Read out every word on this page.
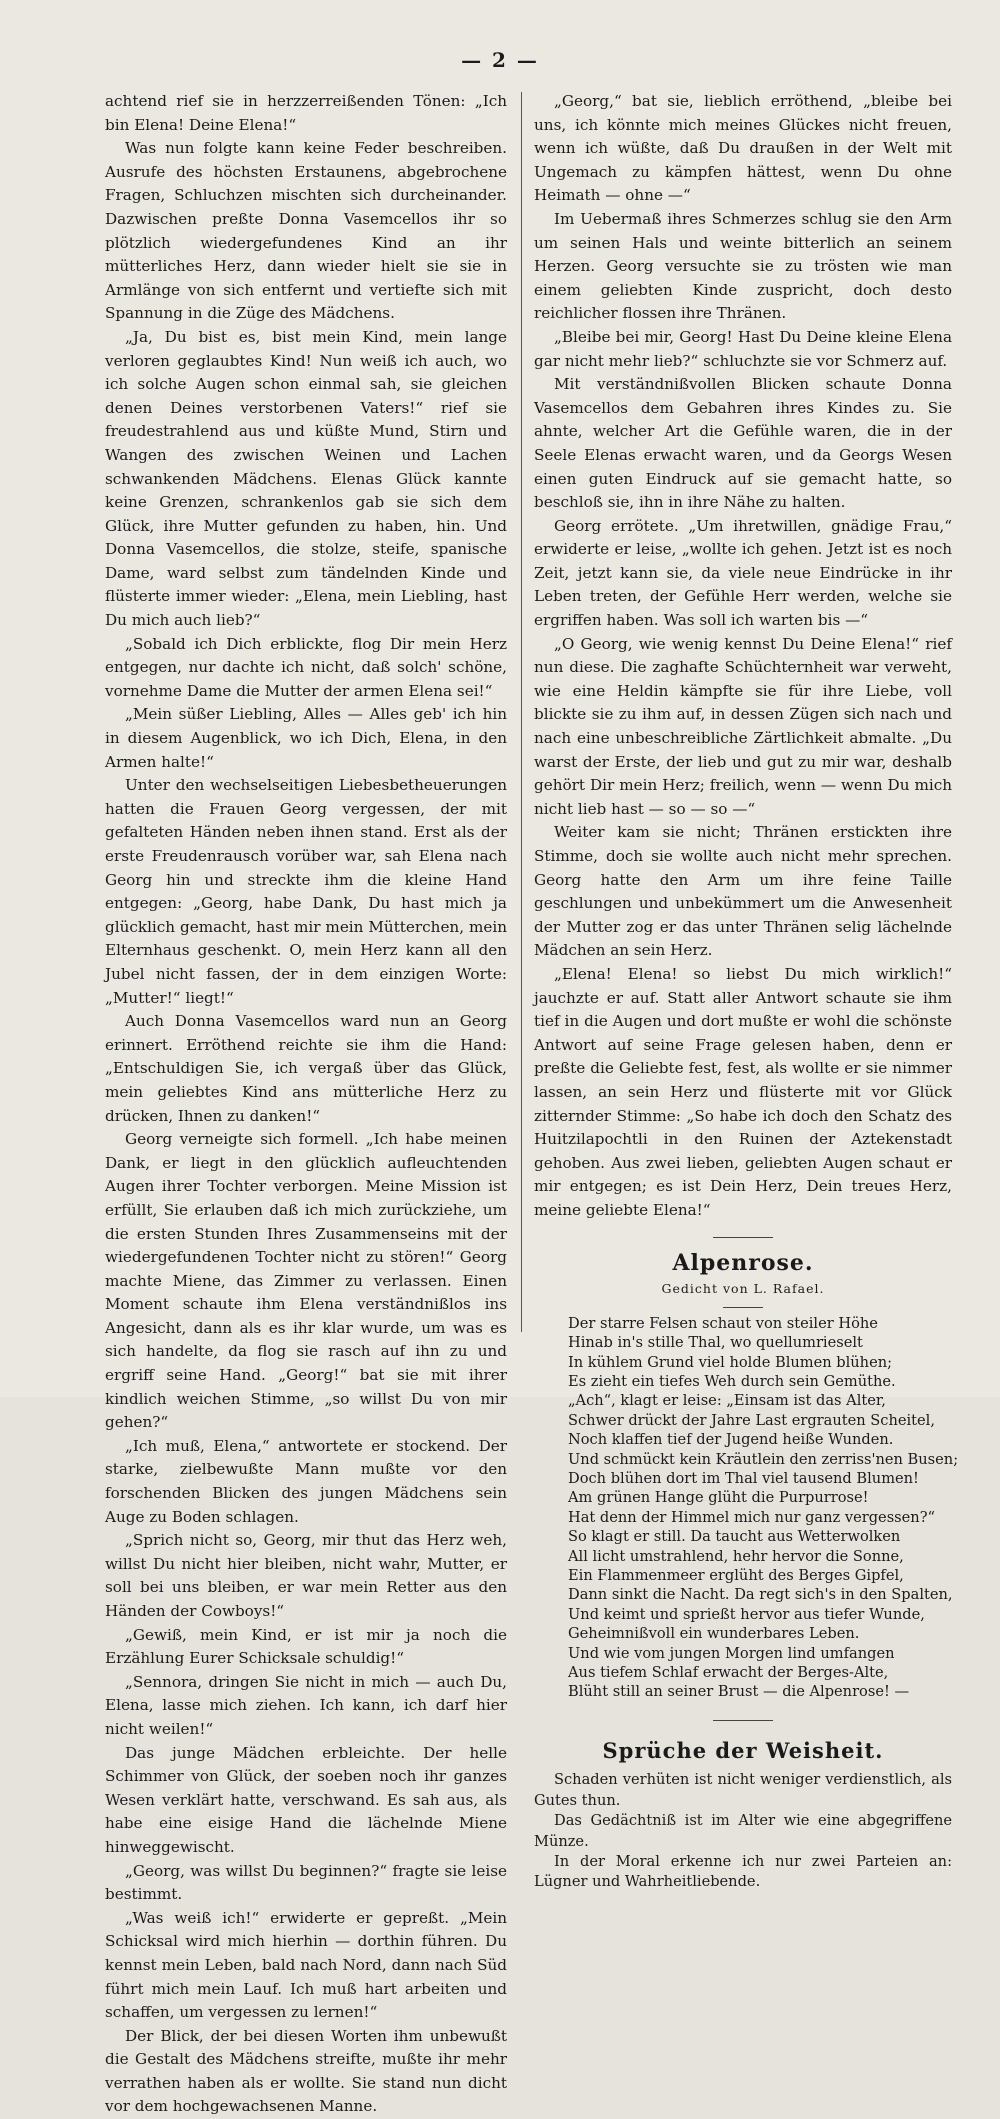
— 2 —

achtend rief sie in herzzerreißenden Tönen: „Ich bin Elena! Deine Elena!“

Was nun folgte kann keine Feder beschreiben. Ausrufe des höchsten Erstaunens, abgebrochene Fragen, Schluchzen mischten sich durcheinander. Dazwischen preßte Donna Vasemcellos ihr so plötzlich wiedergefundenes Kind an ihr mütterliches Herz, dann wieder hielt sie sie in Armlänge von sich entfernt und vertiefte sich mit Spannung in die Züge des Mädchens.

„Ja, Du bist es, bist mein Kind, mein lange verloren geglaubtes Kind! Nun weiß ich auch, wo ich solche Augen schon einmal sah, sie gleichen denen Deines verstorbenen Vaters!“ rief sie freudestrahlend aus und küßte Mund, Stirn und Wangen des zwischen Weinen und Lachen schwankenden Mädchens. Elenas Glück kannte keine Grenzen, schrankenlos gab sie sich dem Glück, ihre Mutter gefunden zu haben, hin. Und Donna Vasemcellos, die stolze, steife, spanische Dame, ward selbst zum tändelnden Kinde und flüsterte immer wieder: „Elena, mein Liebling, hast Du mich auch lieb?“

„Sobald ich Dich erblickte, flog Dir mein Herz entgegen, nur dachte ich nicht, daß solch' schöne, vornehme Dame die Mutter der armen Elena sei!“

„Mein süßer Liebling, Alles — Alles geb' ich hin in diesem Augenblick, wo ich Dich, Elena, in den Armen halte!“

Unter den wechselseitigen Liebesbetheuerungen hatten die Frauen Georg vergessen, der mit gefalteten Händen neben ihnen stand. Erst als der erste Freudenrausch vorüber war, sah Elena nach Georg hin und streckte ihm die kleine Hand entgegen: „Georg, habe Dank, Du hast mich ja glücklich gemacht, hast mir mein Mütterchen, mein Elternhaus geschenkt. O, mein Herz kann all den Jubel nicht fassen, der in dem einzigen Worte: „Mutter!“ liegt!“

Auch Donna Vasemcellos ward nun an Georg erinnert. Erröthend reichte sie ihm die Hand: „Entschuldigen Sie, ich vergaß über das Glück, mein geliebtes Kind ans mütterliche Herz zu drücken, Ihnen zu danken!“

Georg verneigte sich formell. „Ich habe meinen Dank, er liegt in den glücklich aufleuchtenden Augen ihrer Tochter verborgen. Meine Mission ist erfüllt, Sie erlauben daß ich mich zurückziehe, um die ersten Stunden Ihres Zusammenseins mit der wiedergefundenen Tochter nicht zu stören!“ Georg machte Miene, das Zimmer zu verlassen. Einen Moment schaute ihm Elena verständnißlos ins Angesicht, dann als es ihr klar wurde, um was es sich handelte, da flog sie rasch auf ihn zu und ergriff seine Hand. „Georg!“ bat sie mit ihrer kindlich weichen Stimme, „so willst Du von mir gehen?“

„Ich muß, Elena,“ antwortete er stockend. Der starke, zielbewußte Mann mußte vor den forschenden Blicken des jungen Mädchens sein Auge zu Boden schlagen.

„Sprich nicht so, Georg, mir thut das Herz weh, willst Du nicht hier bleiben, nicht wahr, Mutter, er soll bei uns bleiben, er war mein Retter aus den Händen der Cowboys!“

„Gewiß, mein Kind, er ist mir ja noch die Erzählung Eurer Schicksale schuldig!“

„Sennora, dringen Sie nicht in mich — auch Du, Elena, lasse mich ziehen. Ich kann, ich darf hier nicht weilen!“

Das junge Mädchen erbleichte. Der helle Schimmer von Glück, der soeben noch ihr ganzes Wesen verklärt hatte, verschwand. Es sah aus, als habe eine eisige Hand die lächelnde Miene hinweggewischt.

„Georg, was willst Du beginnen?“ fragte sie leise bestimmt.

„Was weiß ich!“ erwiderte er gepreßt. „Mein Schicksal wird mich hierhin — dorthin führen. Du kennst mein Leben, bald nach Nord, dann nach Süd führt mich mein Lauf. Ich muß hart arbeiten und schaffen, um vergessen zu lernen!“

Der Blick, der bei diesen Worten ihm unbewußt die Gestalt des Mädchens streifte, mußte ihr mehr verrathen haben als er wollte. Sie stand nun dicht vor dem hochgewachsenen Manne.

„Georg,“ bat sie, lieblich erröthend, „bleibe bei uns, ich könnte mich meines Glückes nicht freuen, wenn ich wüßte, daß Du draußen in der Welt mit Ungemach zu kämpfen hättest, wenn Du ohne Heimath — ohne —“

Im Uebermaß ihres Schmerzes schlug sie den Arm um seinen Hals und weinte bitterlich an seinem Herzen. Georg versuchte sie zu trösten wie man einem geliebten Kinde zuspricht, doch desto reichlicher flossen ihre Thränen.

„Bleibe bei mir, Georg! Hast Du Deine kleine Elena gar nicht mehr lieb?“ schluchzte sie vor Schmerz auf.

Mit verständnißvollen Blicken schaute Donna Vasemcellos dem Gebahren ihres Kindes zu. Sie ahnte, welcher Art die Gefühle waren, die in der Seele Elenas erwacht waren, und da Georgs Wesen einen guten Eindruck auf sie gemacht hatte, so beschloß sie, ihn in ihre Nähe zu halten.

Georg errötete. „Um ihretwillen, gnädige Frau,“ erwiderte er leise, „wollte ich gehen. Jetzt ist es noch Zeit, jetzt kann sie, da viele neue Eindrücke in ihr Leben treten, der Gefühle Herr werden, welche sie ergriffen haben. Was soll ich warten bis —“

„O Georg, wie wenig kennst Du Deine Elena!“ rief nun diese. Die zaghafte Schüchternheit war verweht, wie eine Heldin kämpfte sie für ihre Liebe, voll blickte sie zu ihm auf, in dessen Zügen sich nach und nach eine unbeschreibliche Zärtlichkeit abmalte. „Du warst der Erste, der lieb und gut zu mir war, deshalb gehört Dir mein Herz; freilich, wenn — wenn Du mich nicht lieb hast — so — so —“

Weiter kam sie nicht; Thränen erstickten ihre Stimme, doch sie wollte auch nicht mehr sprechen. Georg hatte den Arm um ihre feine Taille geschlungen und unbekümmert um die Anwesenheit der Mutter zog er das unter Thränen selig lächelnde Mädchen an sein Herz.

„Elena! Elena! so liebst Du mich wirklich!“ jauchzte er auf. Statt aller Antwort schaute sie ihm tief in die Augen und dort mußte er wohl die schönste Antwort auf seine Frage gelesen haben, denn er preßte die Geliebte fest, fest, als wollte er sie nimmer lassen, an sein Herz und flüsterte mit vor Glück zitternder Stimme: „So habe ich doch den Schatz des Huitzilapochtli in den Ruinen der Aztekenstadt gehoben. Aus zwei lieben, geliebten Augen schaut er mir entgegen; es ist Dein Herz, Dein treues Herz, meine geliebte Elena!“

Alpenrose.
Gedicht von L. Rafael.
Der starre Felsen schaut von steiler Höhe
Hinab in's stille Thal, wo quellumrieselt
In kühlem Grund viel holde Blumen blühen;
Es zieht ein tiefes Weh durch sein Gemüthe.
„Ach“, klagt er leise: „Einsam ist das Alter,
Schwer drückt der Jahre Last ergrauten Scheitel,
Noch klaffen tief der Jugend heiße Wunden.
Und schmückt kein Kräutlein den zerriss'nen Busen;
Doch blühen dort im Thal viel tausend Blumen!
Am grünen Hange glüht die Purpurrose!
Hat denn der Himmel mich nur ganz vergessen?“
So klagt er still. Da taucht aus Wetterwolken
All licht umstrahlend, hehr hervor die Sonne,
Ein Flammenmeer erglüht des Berges Gipfel,
Dann sinkt die Nacht. Da regt sich's in den Spalten,
Und keimt und sprießt hervor aus tiefer Wunde,
Geheimnißvoll ein wunderbares Leben.
Und wie vom jungen Morgen lind umfangen
Aus tiefem Schlaf erwacht der Berges-Alte,
Blüht still an seiner Brust — die Alpenrose! —
Sprüche der Weisheit.

Schaden verhüten ist nicht weniger verdienstlich, als Gutes thun.

Das Gedächtniß ist im Alter wie eine abgegriffene Münze.

In der Moral erkenne ich nur zwei Parteien an: Lügner und Wahrheitliebende.
